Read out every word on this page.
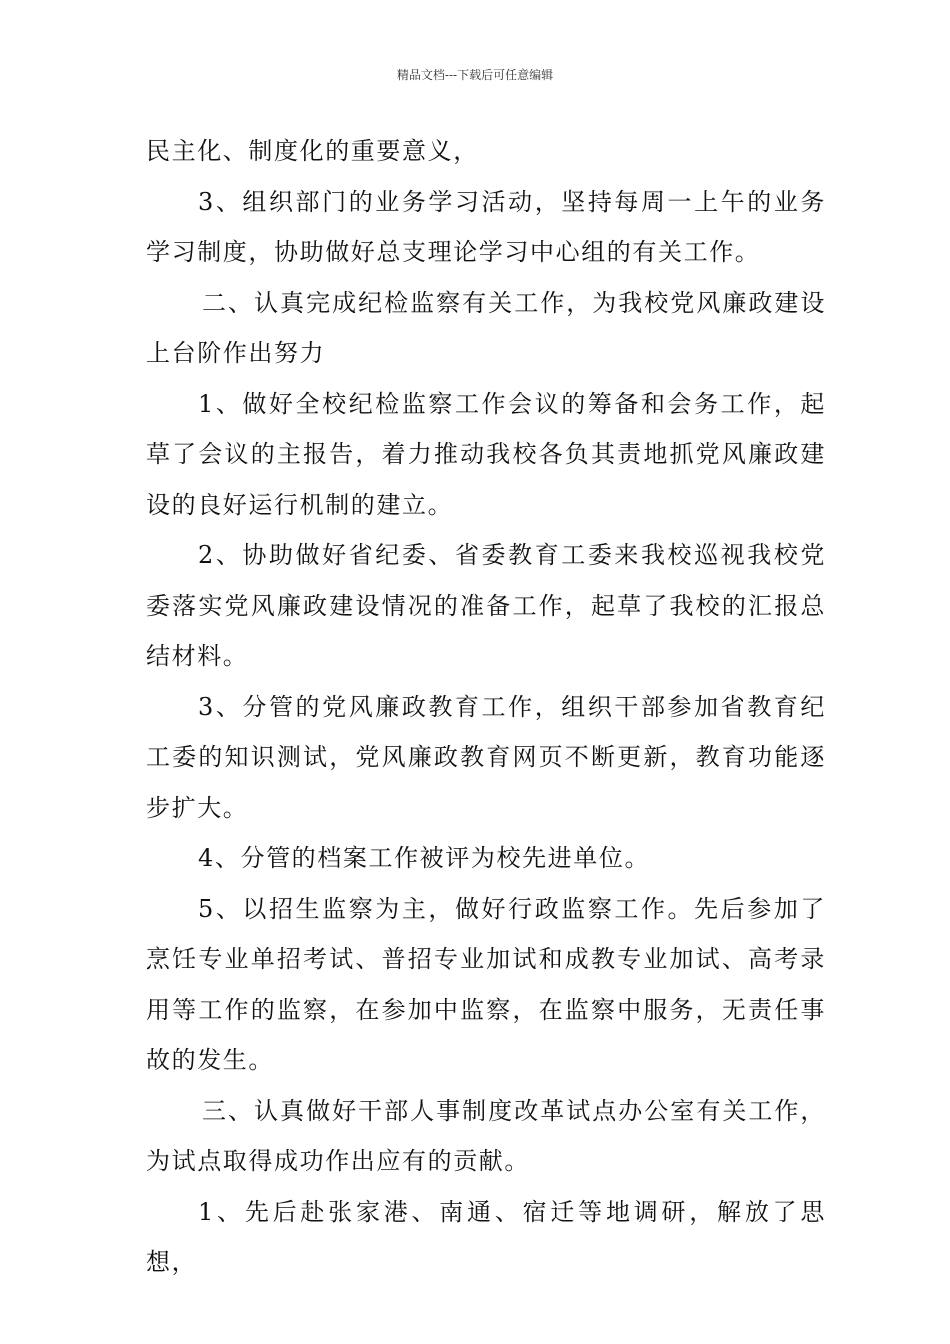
精品文档---下载后可任意编辑

民主化、制度化的重要意义，

3、组织部门的业务学习活动，坚持每周一上午的业务学习制度，协助做好总支理论学习中心组的有关工作。

二、认真完成纪检监察有关工作，为我校党风廉政建设上台阶作出努力

1、做好全校纪检监察工作会议的筹备和会务工作，起草了会议的主报告，着力推动我校各负其责地抓党风廉政建设的良好运行机制的建立。

2、协助做好省纪委、省委教育工委来我校巡视我校党委落实党风廉政建设情况的准备工作，起草了我校的汇报总结材料。

3、分管的党风廉政教育工作，组织干部参加省教育纪工委的知识测试，党风廉政教育网页不断更新，教育功能逐步扩大。

4、分管的档案工作被评为校先进单位。

5、以招生监察为主，做好行政监察工作。先后参加了烹饪专业单招考试、普招专业加试和成教专业加试、高考录用等工作的监察，在参加中监察，在监察中服务，无责任事故的发生。

三、认真做好干部人事制度改革试点办公室有关工作，为试点取得成功作出应有的贡献。

1、先后赴张家港、南通、宿迁等地调研，解放了思想，
